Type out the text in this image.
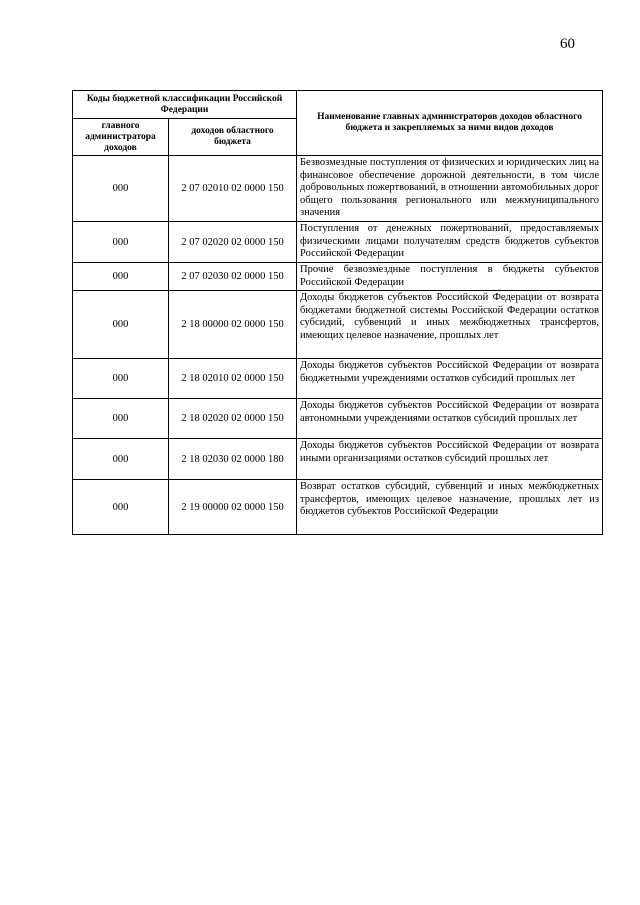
60
Коды бюджетной классификации Российской Федерации		Наименование главных администраторов доходов областного бюджета и закрепляемых за ними видов доходов
главного администратора доходов	доходов областного бюджета	
000	2 07 02010 02 0000 150	Безвозмездные поступления от физических и юридических лиц на финансовое обеспечение дорожной деятельности, в том числе добровольных пожертвований, в отношении автомобильных дорог общего пользования регионального или межмуниципального значения
000	2 07 02020 02 0000 150	Поступления от денежных пожертвований, предоставляемых физическими лицами получателям средств бюджетов субъектов Российской Федерации
000	2 07 02030 02 0000 150	Прочие безвозмездные поступления в бюджеты субъектов Российской Федерации
000	2 18 00000 02 0000 150	Доходы бюджетов субъектов Российской Федерации от возврата бюджетами бюджетной системы Российской Федерации остатков субсидий, субвенций и иных межбюджетных трансфертов, имеющих целевое назначение, прошлых лет
000	2 18 02010 02 0000 150	Доходы бюджетов субъектов Российской Федерации от возврата бюджетными учреждениями остатков субсидий прошлых лет
000	2 18 02020 02 0000 150	Доходы бюджетов субъектов Российской Федерации от возврата автономными учреждениями остатков субсидий прошлых лет
000	2 18 02030 02 0000 180	Доходы бюджетов субъектов Российской Федерации от возврата иными организациями остатков субсидий прошлых лет
000	2 19 00000 02 0000 150	Возврат остатков субсидий, субвенций и иных межбюджетных трансфертов, имеющих целевое назначение, прошлых лет из бюджетов субъектов Российской Федерации
